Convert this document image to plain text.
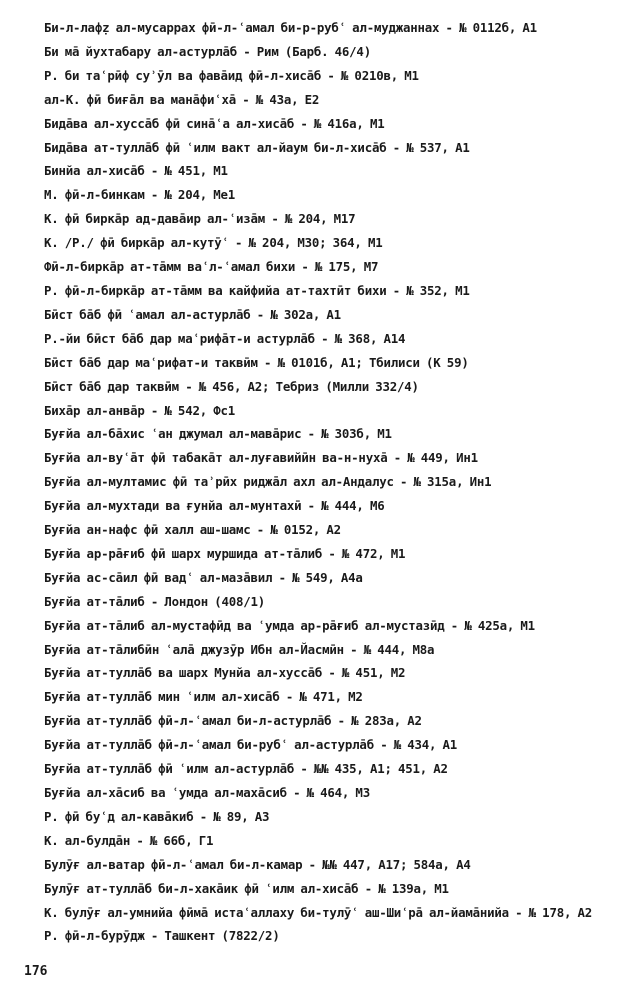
Би-л-лафẓ ал-мусаррах фӣ-л-ʿамал би-р-рубʿ ал-муджаннах - № 0112б, А1
Би ма̄ йухтабару ал-астурла̄б - Рим (Барб. 46/4)
Р. би таʿрӣф суʾӯл ва фава̄ид фӣ-л-хиса̄б - № 0210в, М1
ал-К. фӣ биға̄л ва мана̄фиʿха̄ - № 43а, Е2
Бида̄ва ал-хусса̄б фӣ сина̄ʿа ал-хиса̄б - № 416а, М1
Бида̄ва ат-тулла̄б фӣ ʿилм вакт ал-йаум би-л-хиса̄б - № 537, А1
Бинйа ал-хиса̄б - № 451, М1
М. фӣ-л-бинкам - № 204, Ме1
К. фӣ биркāр ад-дава̄ир ал-ʿиза̄м - № 204, М17
К. /Р./ фӣ биркāр ал-кутӯʿ - № 204, М30; 364, М1
Фӣ-л-биркāр ат-та̄мм ваʿл-ʿамал бихи - № 175, М7
Р. фӣ-л-биркāр ат-та̄мм ва кайфийа ат-тахтӣт бихи - № 352, М1
Бӣст ба̄б фӣ ʿамал ал-астурла̄б - № 302а, А1
Р.-йи бӣст ба̄б дар маʿрифа̄т-и астурла̄б - № 368, А14
Бӣст ба̄б дар маʿрифат-и таквӣм - № 0101б, А1; Тбилиси (К 59)
Бӣст ба̄б дар таквӣм - № 456, А2; Тебриз (Милли 332/4)
Биха̄р ал-анва̄р - № 542, Фс1
Буғйа ал-ба̄хис ʿан джумал ал-мава̄рис - № 303б, М1
Буғйа ал-вуʿа̄т фӣ табака̄т ал-луғавийӣн ва-н-нуха̄ - № 449, Ин1
Буғйа ал-мултамис фӣ таʾрӣх риджа̄л ахл ал-Андалус - № 315а, Ин1
Буғйа ал-мухтади ва ғунйа ал-мунтахӣ - № 444, М6
Буғйа ан-нафс фӣ халл аш-шамс - № 0152, А2
Буғйа ар-ра̄ғиб фӣ шарх муршида ат-та̄либ - № 472, М1
Буғйа ас-са̄ил фӣ вадʿ ал-маза̄вил - № 549, А4а
Буғйа ат-та̄либ - Лондон (408/1)
Буғйа ат-та̄либ ал-мустафӣд ва ʿумда ар-ра̄ғиб ал-мустазӣд - № 425а, М1
Буғйа ат-та̄либӣн ʿала̄ джузӯр Ибн ал-Йасмӣн - № 444, М8а
Буғйа ат-тулла̄б ва шарх Мунйа ал-хусса̄б - № 451, М2
Буғйа ат-тулла̄б мин ʿилм ал-хиса̄б - № 471, М2
Буғйа ат-тулла̄б фӣ-л-ʿамал би-л-астурла̄б - № 283а, А2
Буғйа ат-тулла̄б фӣ-л-ʿамал би-рубʿ ал-астурла̄б - № 434, А1
Буғйа ат-тулла̄б фӣ ʿилм ал-астурла̄б - №№ 435, А1; 451, А2
Буғйа ал-ха̄сиб ва ʿумда ал-маха̄сиб - № 464, М3
Р. фӣ буʿд ал-кава̄киб - № 89, А3
К. ал-булда̄н - № 66б, Г1
Булӯғ ал-ватар фӣ-л-ʿамал би-л-камар - №№ 447, А17; 584а, А4
Булӯғ ат-тулла̄б би-л-хака̄ик фӣ ʿилм ал-хиса̄б - № 139а, М1
К. булӯғ ал-умнийа фӣма̄ истаʿаллаху би-тулӯʿ аш-Шиʿра̄ ал-йама̄нийа - № 178, А2
Р. фӣ-л-бурӯдж - Ташкент (7822/2)
176
